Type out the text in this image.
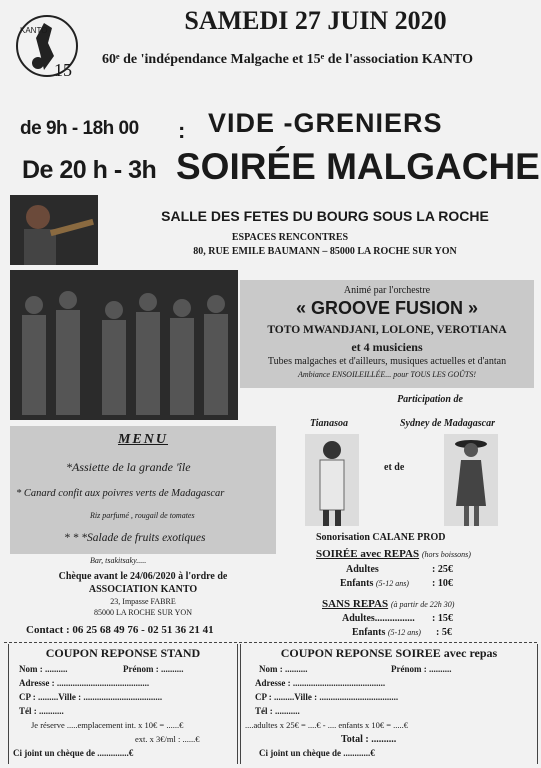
KANTO
15
SAMEDI 27 JUIN 2020
60ᵉ de 'indépendance Malgache et 15ᵉ de l'association KANTO
de 9h - 18h 00
De 20 h - 3h
: VIDE -GRENIERS
SOIRÉE MALGACHE
SALLE DES FETES DU BOURG SOUS LA ROCHE
ESPACES RENCONTRES
80, RUE EMILE BAUMANN – 85000 LA ROCHE SUR YON
Animé par l'orchestre
« GROOVE FUSION »
TOTO MWANDJANI, LOLONE, VEROTIANA
et 4 musiciens
Tubes malgaches et d'ailleurs, musiques actuelles et d'antan
Ambiance ENSOILEILLÉE... pour TOUS LES GOÛTS!
Participation de
Tianasoa	Sydney de Madagascar
et de
Sonorisation CALANE PROD
MENU
*Assiette de la grande 'île
* Canard confit aux poivres verts de Madagascar
Riz parfumé , rougail de tomates
* * *Salade de fruits exotiques
Bar, tsakitsaky.....
Chèque avant le 24/06/2020 à l'ordre de
ASSOCIATION KANTO
23, Impasse FABRE
85000 LA ROCHE SUR YON
Contact : 06 25 68 49 76 - 02 51 36 21 41
SOIRÉE avec REPAS (hors boissons)
Adultes	: 25€
Enfants (5-12 ans) : 10€
SANS REPAS (à partir de 22h 30)
Adultes................ : 15€
Enfants (5-12 ans) : 5€
COUPON REPONSE STAND
Nom : ..........	Prénom : ..........
Adresse : .........................................
CP : .........Ville : ...................................
Tél : ...........
Je réserve .....emplacement int. x 10€ = ......€
ext. x 3€/ml : ......€
Ci joint un chèque de ..............€
COUPON REPONSE SOIREE avec repas
Nom : ..........	Prénom : ..........
Adresse : .........................................
CP : .........Ville : ...................................
Tél : ...........
....adultes x 25€ = ....€ - .... enfants x 10€ = .....€
Total : ..........
Ci joint un chèque de ............€
